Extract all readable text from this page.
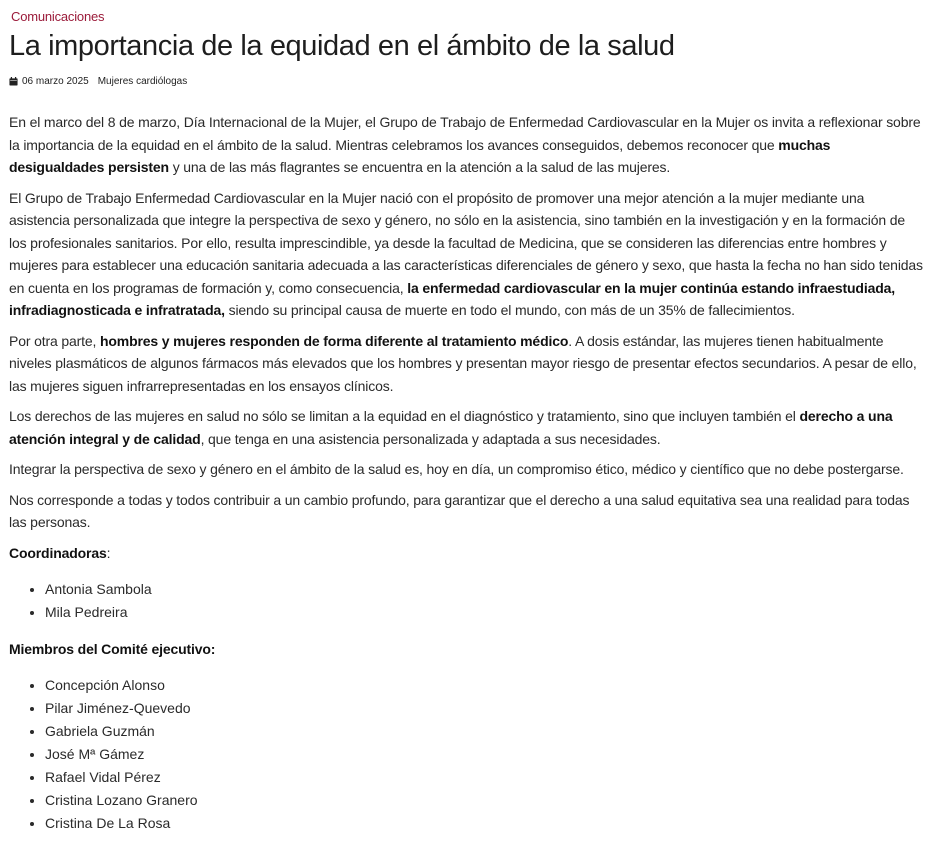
Comunicaciones
La importancia de la equidad en el ámbito de la salud
06 marzo 2025 Mujeres cardiólogas

En el marco del 8 de marzo, Día Internacional de la Mujer, el Grupo de Trabajo de Enfermedad Cardiovascular en la Mujer os invita a reflexionar sobre la importancia de la equidad en el ámbito de la salud. Mientras celebramos los avances conseguidos, debemos reconocer que muchas desigualdades persisten y una de las más flagrantes se encuentra en la atención a la salud de las mujeres.

El Grupo de Trabajo Enfermedad Cardiovascular en la Mujer nació con el propósito de promover una mejor atención a la mujer mediante una asistencia personalizada que integre la perspectiva de sexo y género, no sólo en la asistencia, sino también en la investigación y en la formación de los profesionales sanitarios. Por ello, resulta imprescindible, ya desde la facultad de Medicina, que se consideren las diferencias entre hombres y mujeres para establecer una educación sanitaria adecuada a las características diferenciales de género y sexo, que hasta la fecha no han sido tenidas en cuenta en los programas de formación y, como consecuencia, la enfermedad cardiovascular en la mujer continúa estando infraestudiada, infradiagnosticada e infratratada, siendo su principal causa de muerte en todo el mundo, con más de un 35% de fallecimientos.

Por otra parte, hombres y mujeres responden de forma diferente al tratamiento médico. A dosis estándar, las mujeres tienen habitualmente niveles plasmáticos de algunos fármacos más elevados que los hombres y presentan mayor riesgo de presentar efectos secundarios. A pesar de ello, las mujeres siguen infrarrepresentadas en los ensayos clínicos.

Los derechos de las mujeres en salud no sólo se limitan a la equidad en el diagnóstico y tratamiento, sino que incluyen también el derecho a una atención integral y de calidad, que tenga en una asistencia personalizada y adaptada a sus necesidades.

Integrar la perspectiva de sexo y género en el ámbito de la salud es, hoy en día, un compromiso ético, médico y científico que no debe postergarse.

Nos corresponde a todas y todos contribuir a un cambio profundo, para garantizar que el derecho a una salud equitativa sea una realidad para todas las personas.

Coordinadoras:

• Antonia Sambola
• Mila Pedreira

Miembros del Comité ejecutivo:

• Concepción Alonso
• Pilar Jiménez-Quevedo
• Gabriela Guzmán
• José Mª Gámez
• Rafael Vidal Pérez
• Cristina Lozano Granero
• Cristina De La Rosa
